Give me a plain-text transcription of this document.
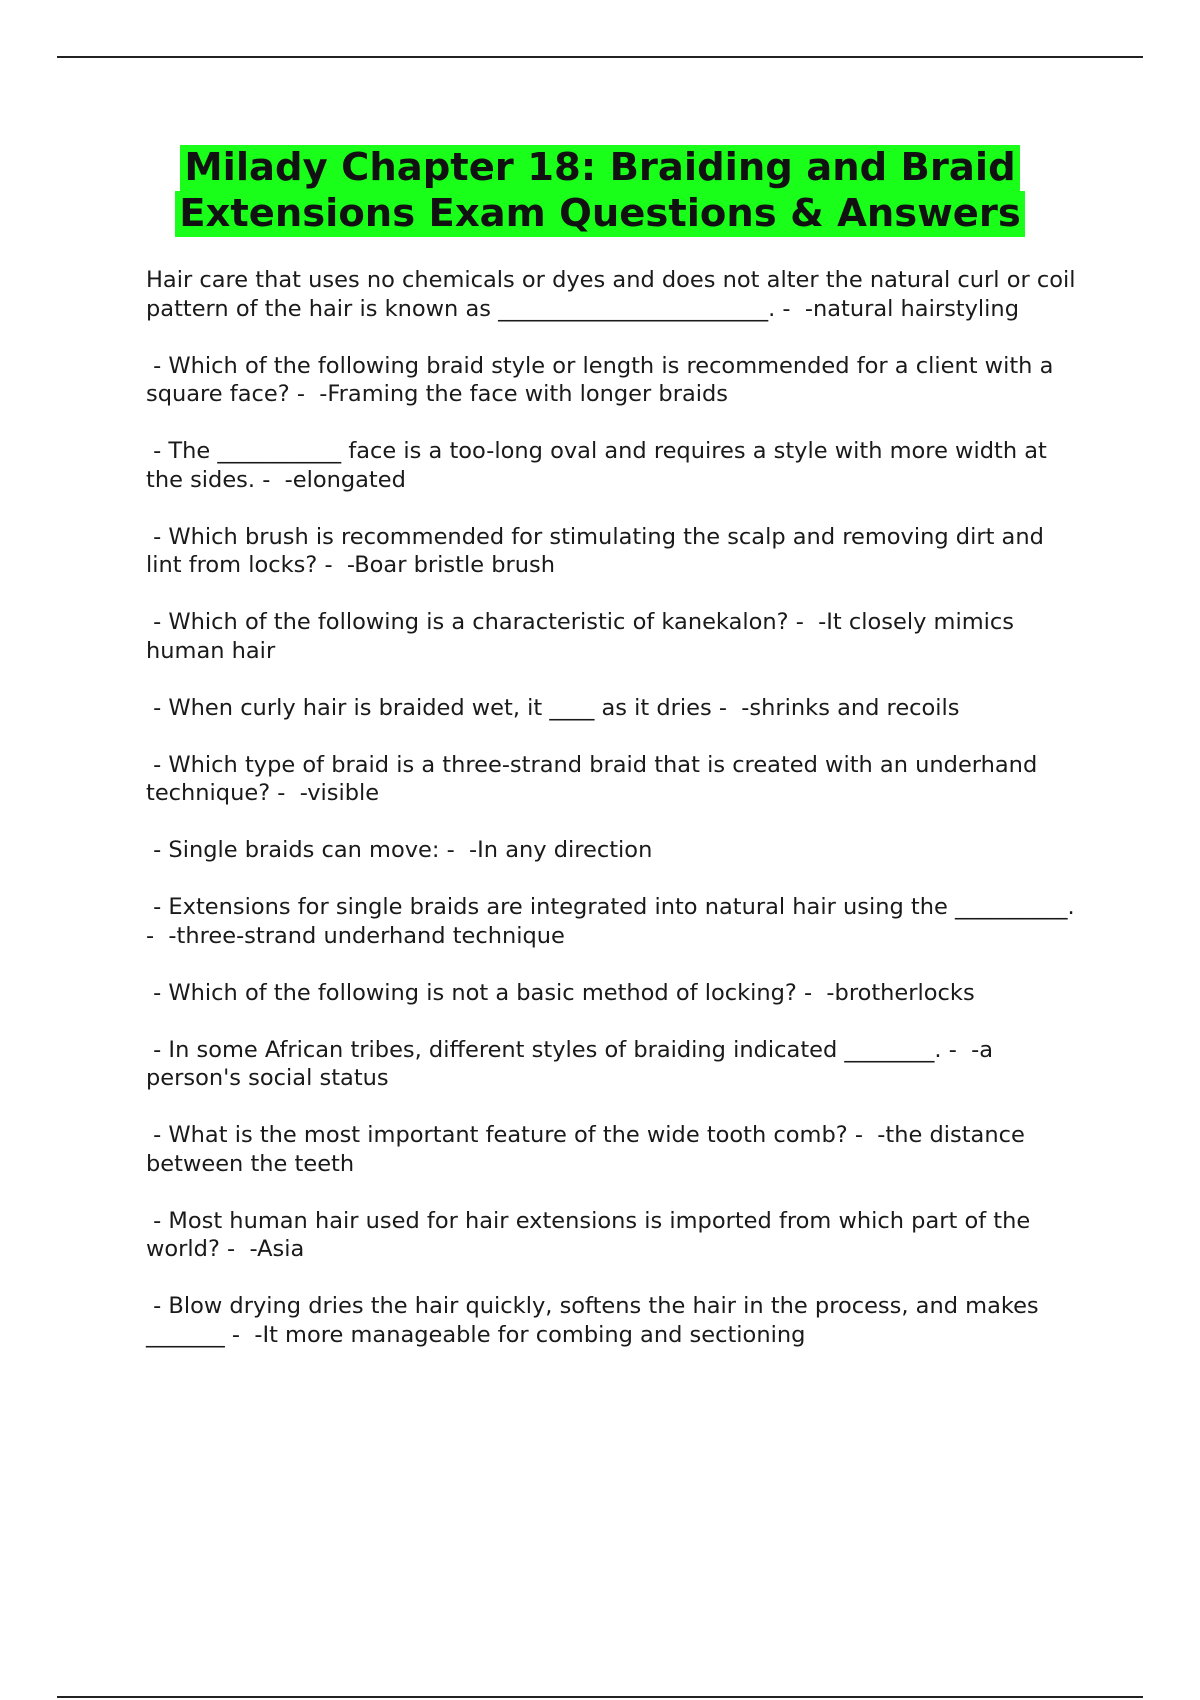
Milady Chapter 18: Braiding and Braid
Extensions Exam Questions & Answers

Hair care that uses no chemicals or dyes and does not alter the natural curl or coil pattern of the hair is known as ________________________. -  -natural hairstyling

- Which of the following braid style or length is recommended for a client with a square face? -  -Framing the face with longer braids

- The ___________ face is a too-long oval and requires a style with more width at the sides. -  -elongated

- Which brush is recommended for stimulating the scalp and removing dirt and lint from locks? -  -Boar bristle brush

- Which of the following is a characteristic of kanekalon? -  -It closely mimics human hair

- When curly hair is braided wet, it ____ as it dries -  -shrinks and recoils

- Which type of braid is a three-strand braid that is created with an underhand technique? -  -visible

- Single braids can move: -  -In any direction

- Extensions for single braids are integrated into natural hair using the __________. -  -three-strand underhand technique

- Which of the following is not a basic method of locking? -  -brotherlocks

- In some African tribes, different styles of braiding indicated ________. -  -a person's social status

- What is the most important feature of the wide tooth comb? -  -the distance between the teeth

- Most human hair used for hair extensions is imported from which part of the world? -  -Asia

- Blow drying dries the hair quickly, softens the hair in the process, and makes _______ -  -It more manageable for combing and sectioning
